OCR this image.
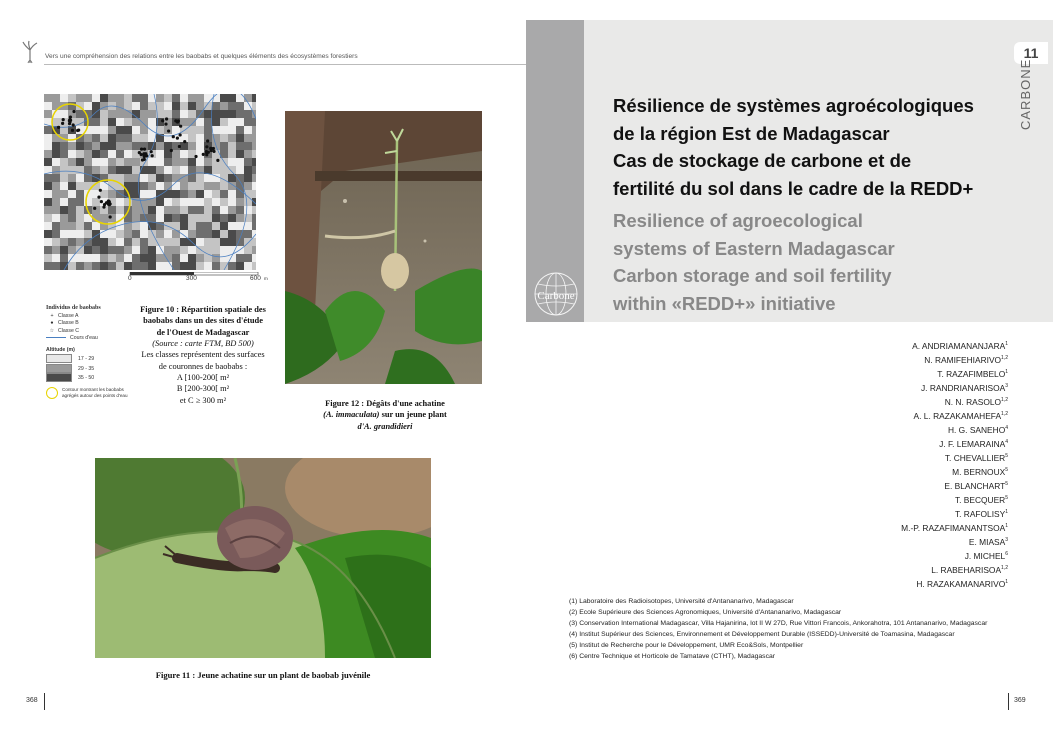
Vers une compréhension des relations entre les baobabs et quelques éléments des écosystèmes forestiers
0	300	600 m
Individus de baobabs
+ Classe A
● Classe B
☆ Classe C
Cours d'eau
Altitude (m)
17 - 29
29 - 35
35 - 50
Contour montrant les baobabs agrégés autour des points d'eau
Figure 10 : Répartition spatiale des baobabs dans un des sites d'étude de l'Ouest de Madagascar
(Source : carte FTM, BD 500)
Les classes représentent des surfaces de couronnes de baobabs :
A [100-200[ m²
B [200-300[ m²
et C ≥ 300 m²	Figure 12 : Dégâts d'une achatine
(A. immaculata) sur un jeune plant
d'A. grandidieri
Figure 11 : Jeune achatine sur un plant de baobab juvénile
368
11
CARBONE
Carbone
Résilience de systèmes agroécologiques
de la région Est de Madagascar
Cas de stockage de carbone et de
fertilité du sol dans le cadre de la REDD+
Resilience of agroecological
systems of Eastern Madagascar
Carbon storage and soil fertility
within «REDD+» initiative
A. ANDRIAMANANJARA$^1$
N. RAMIFEHIARIVO$^{1,2}$
T. RAZAFIMBELO$^1$
J. RANDRIANARISOA$^3$
N. N. RASOLO$^{1,2}$
A. L. RAZAKAMAHEFA$^{1,2}$
H. G. SANEHO$^4$
J. F. LEMARAINA$^4$
T. CHEVALLIER$^5$
M. BERNOUX$^5$
E. BLANCHART$^5$
T. BECQUER$^5$
T. RAFOLISY$^1$
M.-P. RAZAFIMANANTSOA$^1$
E. MIASA$^3$
J. MICHEL$^6$
L. RABEHARISOA$^{1,2}$
H. RAZAKAMANARIVO$^1$
(1) Laboratoire des Radioisotopes, Université d'Antananarivo, Madagascar
(2) Ecole Supérieure des Sciences Agronomiques, Université d'Antananarivo, Madagascar
(3) Conservation International Madagascar, Villa Hajanirina, lot II W 27D, Rue Vittori Francois, Ankorahotra, 101 Antananarivo, Madagascar
(4) Institut Supérieur des Sciences, Environnement et Développement Durable (ISSEDD)-Université de Toamasina, Madagascar
(5) Institut de Recherche pour le Développement, UMR Eco&Sols, Montpellier
(6) Centre Technique et Horticole de Tamatave (CTHT), Madagascar
369
